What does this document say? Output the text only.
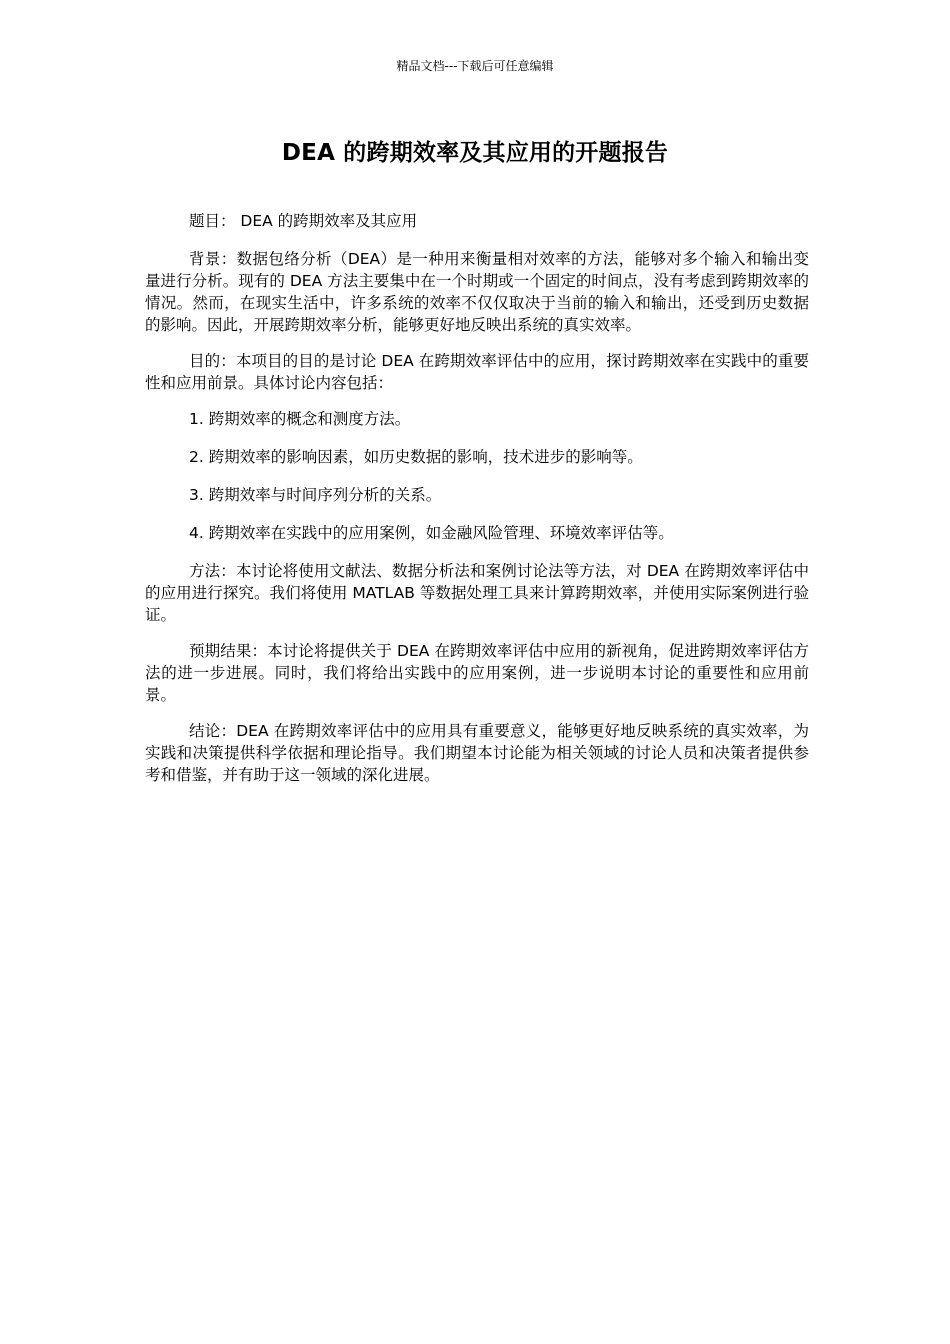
精品文档---下载后可任意编辑
DEA 的跨期效率及其应用的开题报告

题目： DEA 的跨期效率及其应用

背景：数据包络分析（DEA）是一种用来衡量相对效率的方法，能够对多个输入和输出变量进行分析。现有的 DEA 方法主要集中在一个时期或一个固定的时间点，没有考虑到跨期效率的情况。然而，在现实生活中，许多系统的效率不仅仅取决于当前的输入和输出，还受到历史数据的影响。因此，开展跨期效率分析，能够更好地反映出系统的真实效率。

目的：本项目的目的是讨论 DEA 在跨期效率评估中的应用，探讨跨期效率在实践中的重要性和应用前景。具体讨论内容包括：

1. 跨期效率的概念和测度方法。
2. 跨期效率的影响因素，如历史数据的影响，技术进步的影响等。
3. 跨期效率与时间序列分析的关系。
4. 跨期效率在实践中的应用案例，如金融风险管理、环境效率评估等。

方法：本讨论将使用文献法、数据分析法和案例讨论法等方法，对 DEA 在跨期效率评估中的应用进行探究。我们将使用 MATLAB 等数据处理工具来计算跨期效率，并使用实际案例进行验证。

预期结果：本讨论将提供关于 DEA 在跨期效率评估中应用的新视角，促进跨期效率评估方法的进一步进展。同时，我们将给出实践中的应用案例，进一步说明本讨论的重要性和应用前景。

结论：DEA 在跨期效率评估中的应用具有重要意义，能够更好地反映系统的真实效率，为实践和决策提供科学依据和理论指导。我们期望本讨论能为相关领域的讨论人员和决策者提供参考和借鉴，并有助于这一领域的深化进展。
